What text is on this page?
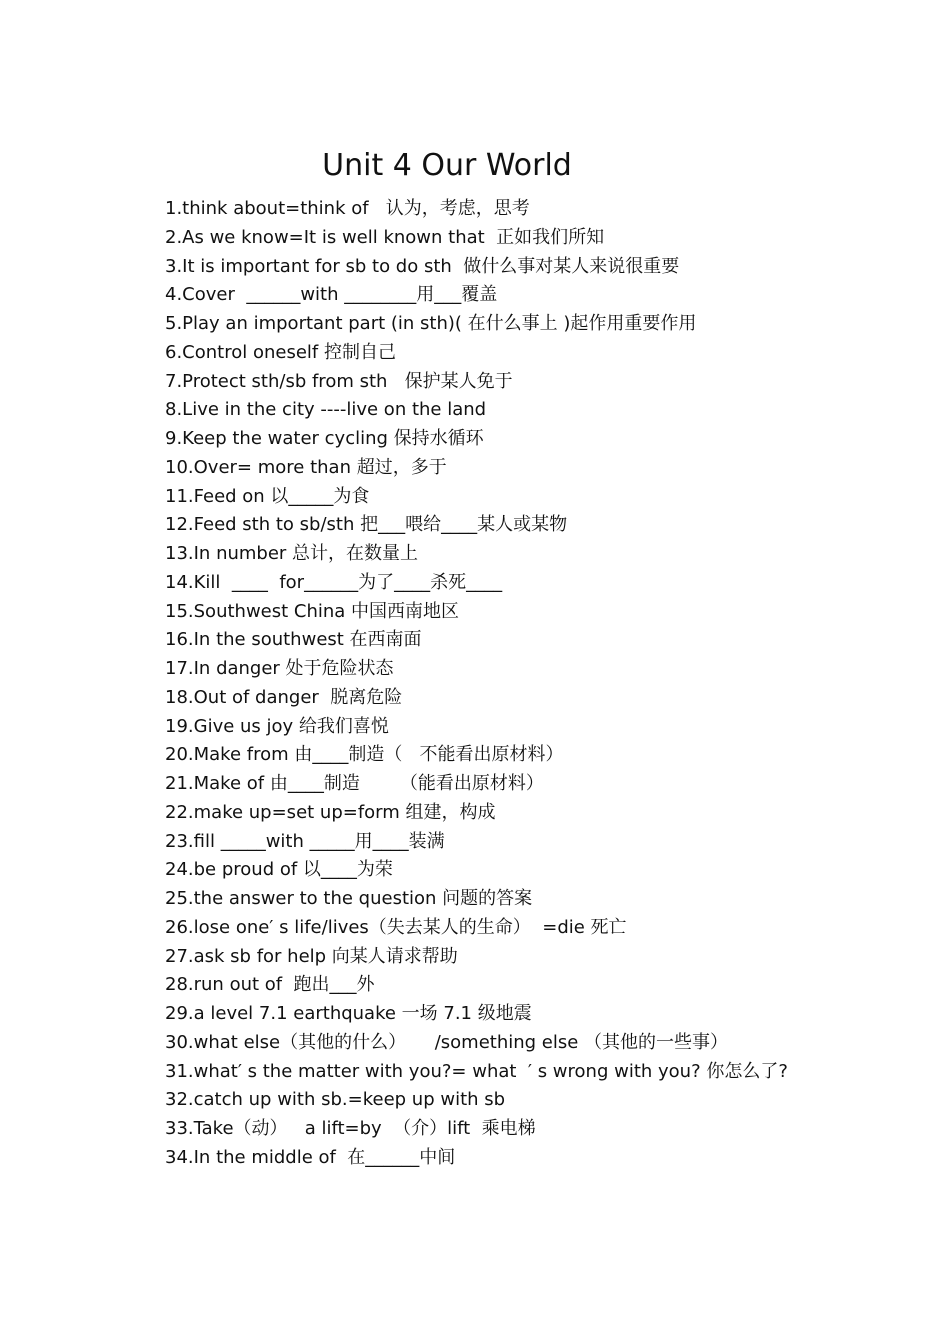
Unit 4 Our World
1.think about=think of   认为，考虑，思考
2.As we know=It is well known that  正如我们所知
3.It is important for sb to do sth  做什么事对某人来说很重要
4.Cover  ______with ________用___覆盖
5.Play an important part (in sth)( 在什么事上 )起作用重要作用
6.Control oneself 控制自己
7.Protect sth/sb from sth   保护某人免于
8.Live in the city ----live on the land
9.Keep the water cycling 保持水循环
10.Over= more than 超过，多于
11.Feed on 以_____为食
12.Feed sth to sb/sth 把___喂给____某人或某物
13.In number 总计，在数量上
14.Kill  ____  for______为了____杀死____
15.Southwest China 中国西南地区
16.In the southwest 在西南面
17.In danger 处于危险状态
18.Out of danger  脱离危险
19.Give us joy 给我们喜悦
20.Make from 由____制造（   不能看出原材料）
21.Make of 由____制造       （能看出原材料）
22.make up=set up=form 组建，构成
23.fill _____with _____用____装满
24.be proud of 以____为荣
25.the answer to the question 问题的答案
26.lose one′ s life/lives（失去某人的生命）  =die 死亡
27.ask sb for help 向某人请求帮助
28.run out of  跑出___外
29.a level 7.1 earthquake 一场 7.1 级地震
30.what else（其他的什么）     /something else （其他的一些事）
31.what′ s the matter with you?= what  ′ s wrong with you? 你怎么了?
32.catch up with sb.=keep up with sb
33.Take（动）   a lift=by  （介）lift  乘电梯
34.In the middle of  在______中间
